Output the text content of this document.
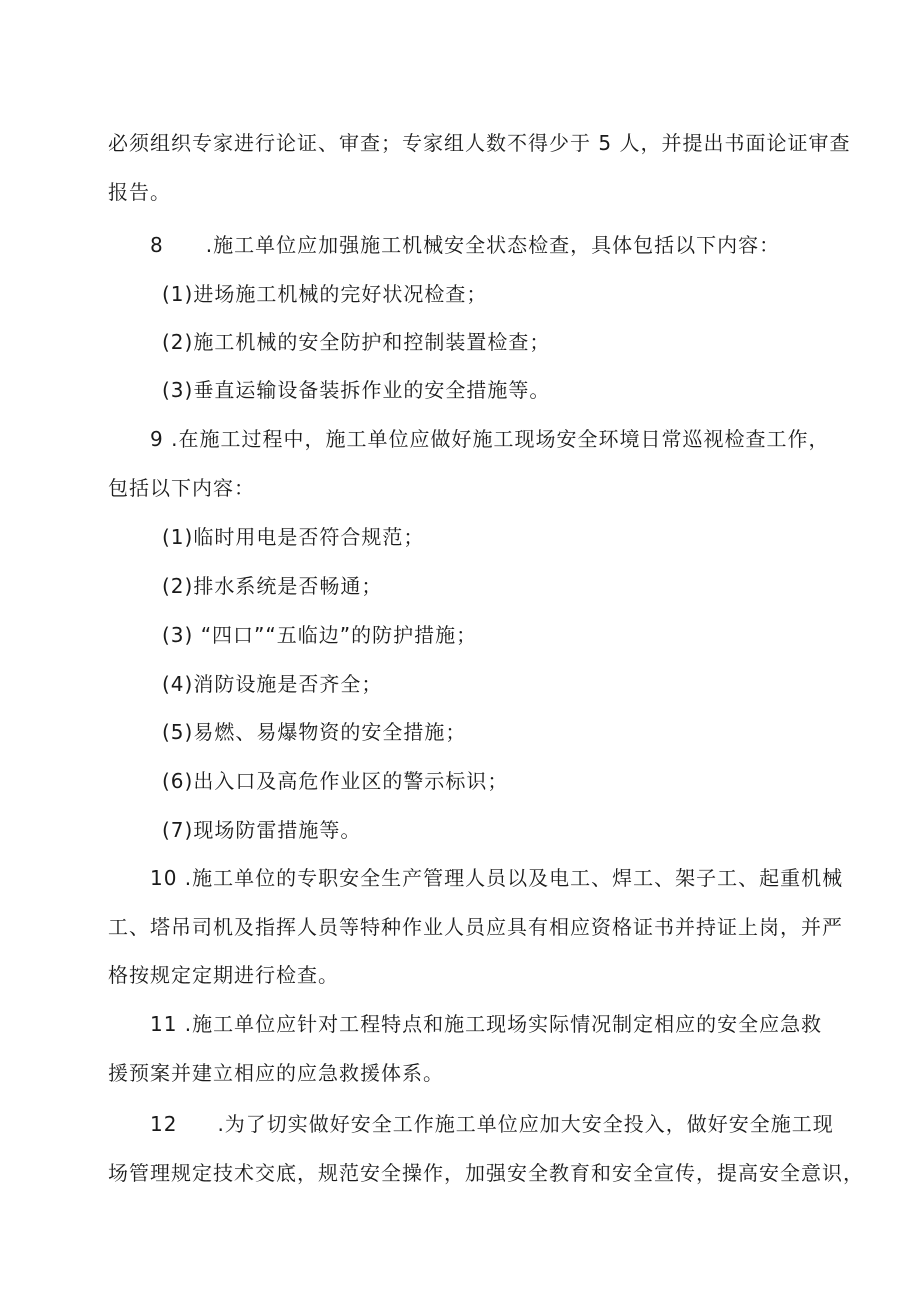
必须组织专家进行论证、审查；专家组人数不得少于 5 人，并提出书面论证审查
报告。
8 .施工单位应加强施工机械安全状态检查，具体包括以下内容：
(1)进场施工机械的完好状况检查；
(2)施工机械的安全防护和控制装置检查；
(3)垂直运输设备装拆作业的安全措施等。
9 .在施工过程中，施工单位应做好施工现场安全环境日常巡视检查工作，
包括以下内容：
(1)临时用电是否符合规范；
(2)排水系统是否畅通；
(3) “四口”“五临边”的防护措施；
(4)消防设施是否齐全；
(5)易燃、易爆物资的安全措施；
(6)出入口及高危作业区的警示标识；
(7)现场防雷措施等。
10 .施工单位的专职安全生产管理人员以及电工、焊工、架子工、起重机械
工、塔吊司机及指挥人员等特种作业人员应具有相应资格证书并持证上岗，并严
格按规定定期进行检查。
11 .施工单位应针对工程特点和施工现场实际情况制定相应的安全应急救
援预案并建立相应的应急救援体系。
12 .为了切实做好安全工作施工单位应加大安全投入，做好安全施工现
场管理规定技术交底，规范安全操作，加强安全教育和安全宣传，提高安全意识，
